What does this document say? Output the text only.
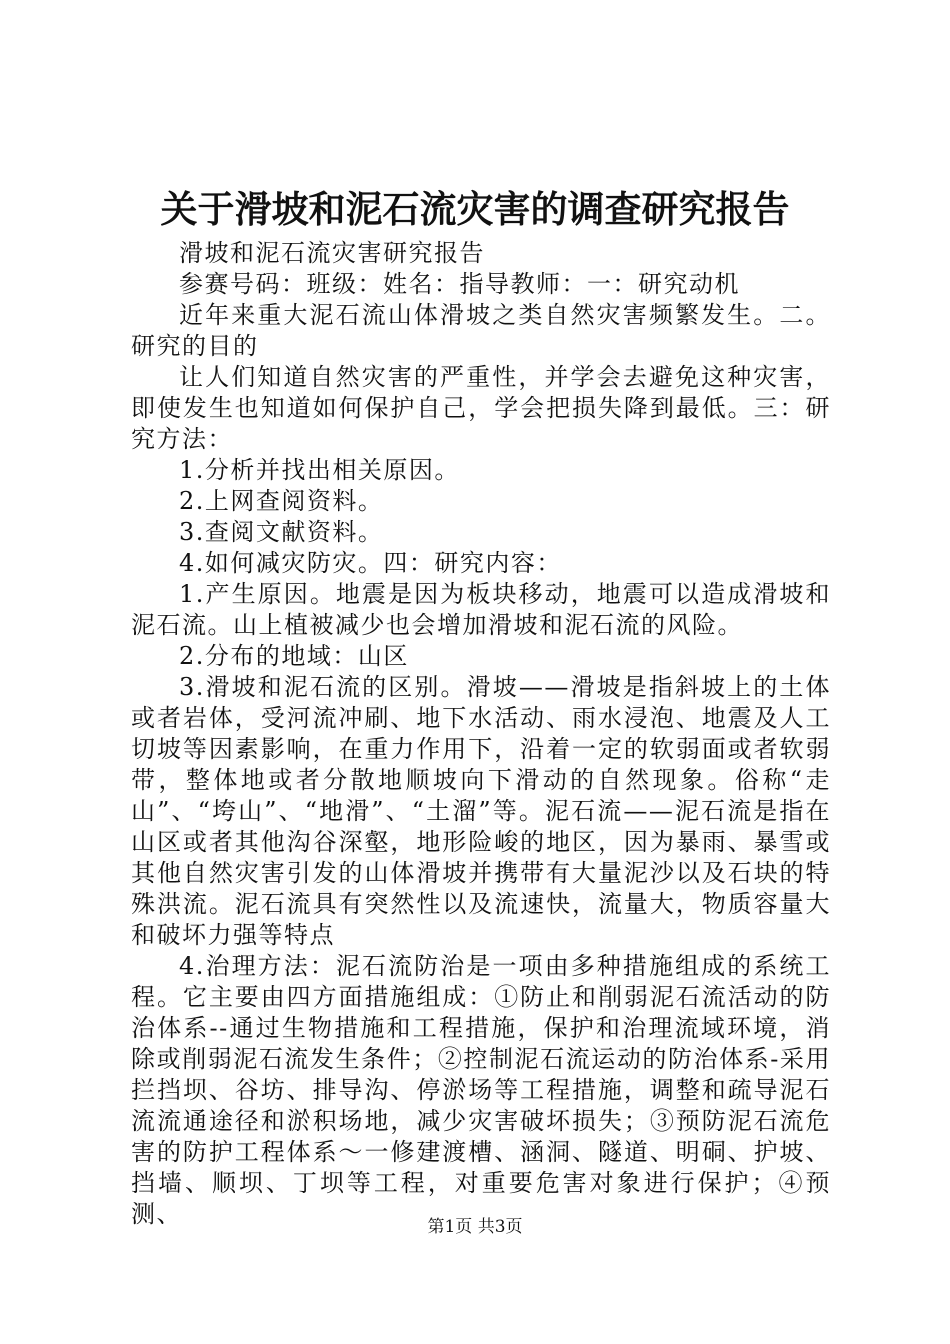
关于滑坡和泥石流灾害的调查研究报告

滑坡和泥石流灾害研究报告

参赛号码：班级：姓名：指导教师：一：研究动机

近年来重大泥石流山体滑坡之类自然灾害频繁发生。二。研究的目的

让人们知道自然灾害的严重性，并学会去避免这种灾害，即使发生也知道如何保护自己，学会把损失降到最低。三：研究方法：

1.分析并找出相关原因。

2.上网查阅资料。

3.查阅文献资料。

4.如何减灾防灾。四：研究内容：

1.产生原因。地震是因为板块移动，地震可以造成滑坡和泥石流。山上植被减少也会增加滑坡和泥石流的风险。

2.分布的地域：山区

3.滑坡和泥石流的区别。滑坡——滑坡是指斜坡上的土体或者岩体，受河流冲刷、地下水活动、雨水浸泡、地震及人工切坡等因素影响，在重力作用下，沿着一定的软弱面或者软弱带，整体地或者分散地顺坡向下滑动的自然现象。俗称“走山”、“垮山”、“地滑”、“土溜”等。泥石流——泥石流是指在山区或者其他沟谷深壑，地形险峻的地区，因为暴雨、暴雪或其他自然灾害引发的山体滑坡并携带有大量泥沙以及石块的特殊洪流。泥石流具有突然性以及流速快，流量大，物质容量大和破坏力强等特点

4.治理方法：泥石流防治是一项由多种措施组成的系统工程。它主要由四方面措施组成：①防止和削弱泥石流活动的防治体系--通过生物措施和工程措施，保护和治理流域环境，消除或削弱泥石流发生条件；②控制泥石流运动的防治体系-采用拦挡坝、谷坊、排导沟、停淤场等工程措施，调整和疏导泥石流流通途径和淤积场地，减少灾害破坏损失；③预防泥石流危害的防护工程体系～一修建渡槽、涵洞、隧道、明硐、护坡、挡墙、顺坝、丁坝等工程，对重要危害对象进行保护；④预测、	第1页 共3页
